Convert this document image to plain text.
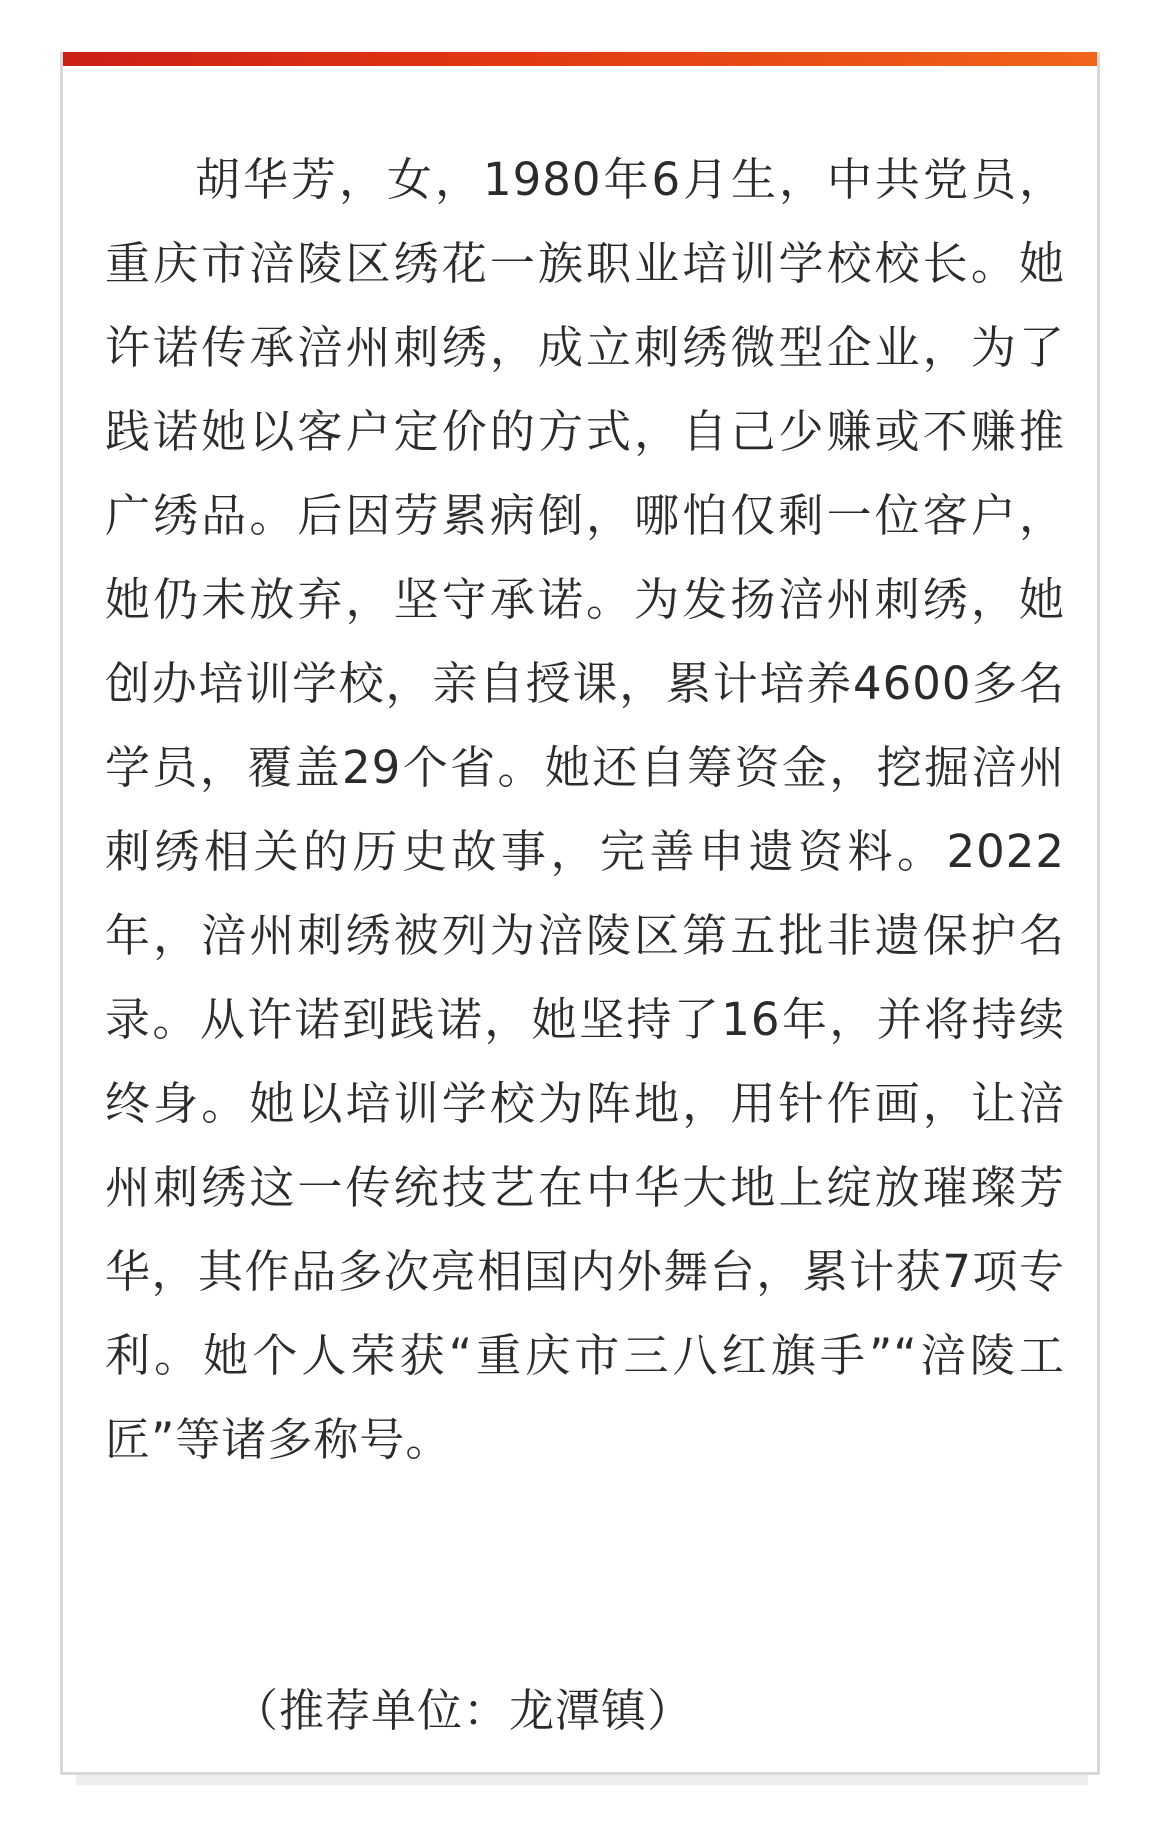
胡华芳，女，1980年6月生，中共党员，重庆市涪陵区绣花一族职业培训学校校长。她许诺传承涪州刺绣，成立刺绣微型企业，为了践诺她以客户定价的方式，自己少赚或不赚推广绣品。后因劳累病倒，哪怕仅剩一位客户，她仍未放弃，坚守承诺。为发扬涪州刺绣，她创办培训学校，亲自授课，累计培养4600多名学员，覆盖29个省。她还自筹资金，挖掘涪州刺绣相关的历史故事，完善申遗资料。2022年，涪州刺绣被列为涪陵区第五批非遗保护名录。从许诺到践诺，她坚持了16年，并将持续终身。她以培训学校为阵地，用针作画，让涪州刺绣这一传统技艺在中华大地上绽放璀璨芳华，其作品多次亮相国内外舞台，累计获7项专利。她个人荣获“重庆市三八红旗手”“涪陵工匠”等诸多称号。

（推荐单位：龙潭镇）
